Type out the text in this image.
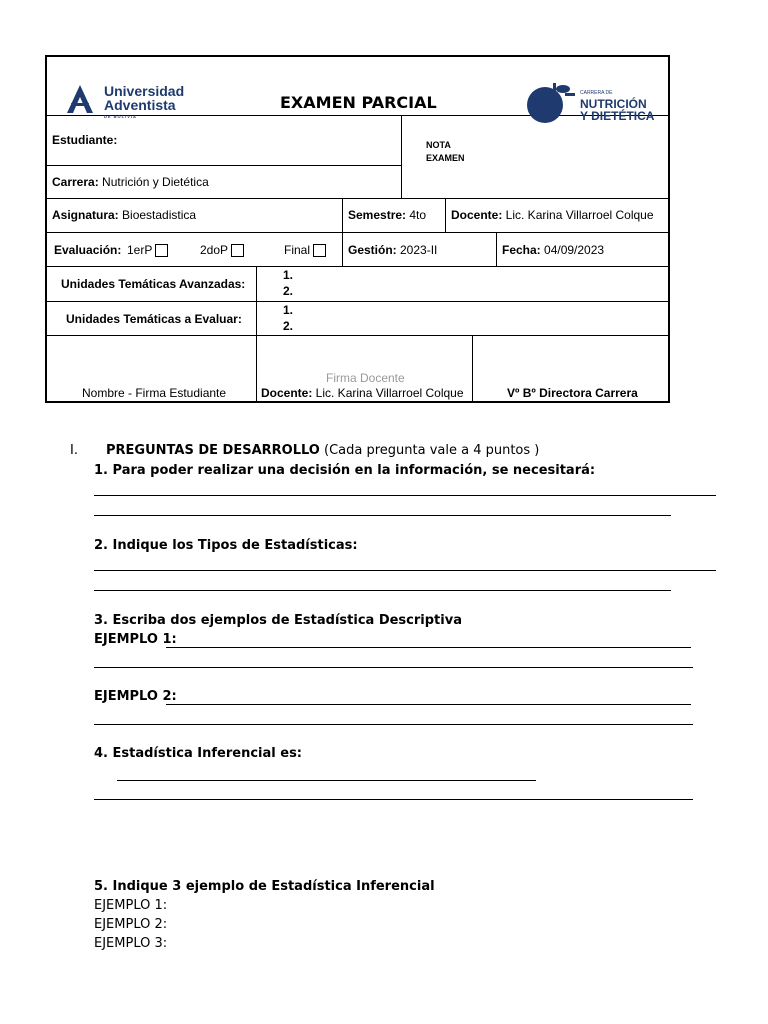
Universidad
Adventista
DE BOLIVIA
EXAMEN PARCIAL	CARRERA DE
NUTRICIÓN
Y DIETÉTICA
Estudiante:	NOTA
EXAMEN
Carrera: Nutrición y Dietética
Asignatura: Bioestadistica	Semestre: 4to Docente: Lic. Karina Villarroel Colque
Evaluación: 1erP	2doP	Final	Gestión: 2023-II	Fecha: 04/09/2023
Unidades Temáticas Avanzadas:
1.
2.
Unidades Temáticas a Evaluar:
1.
2.
Nombre - Firma Estudiante
Firma Docente
Docente: Lic. Karina Villarroel Colque	Vº Bº Directora Carrera
I. PREGUNTAS DE DESARROLLO (Cada pregunta vale a 4 puntos )
1. Para poder realizar una decisión en la información, se necesitará:
2. Indique los Tipos de Estadísticas:
3. Escriba dos ejemplos de Estadística Descriptiva
EJEMPLO 1:
EJEMPLO 2:
4. Estadística Inferencial es:
5. Indique 3 ejemplo de Estadística Inferencial
EJEMPLO 1:
EJEMPLO 2:
EJEMPLO 3:
